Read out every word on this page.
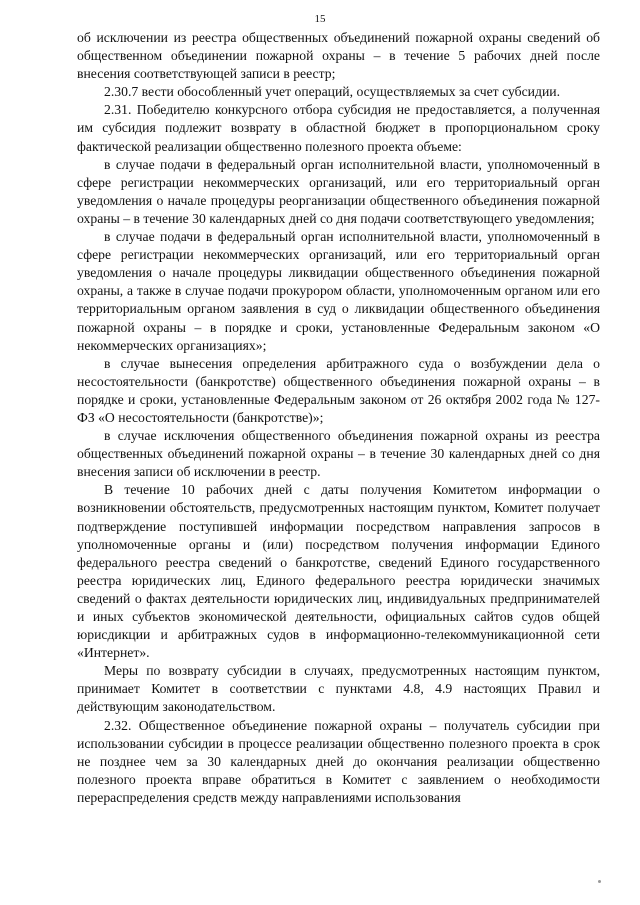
15

об исключении из реестра общественных объединений пожарной охраны сведений об общественном объединении пожарной охраны – в течение 5 рабочих дней после внесения соответствующей записи в реестр;

2.30.7 вести обособленный учет операций, осуществляемых за счет субсидии.

2.31. Победителю конкурсного отбора субсидия не предоставляется, а полученная им субсидия подлежит возврату в областной бюджет в пропорциональном сроку фактической реализации общественно полезного проекта объеме:

в случае подачи в федеральный орган исполнительной власти, уполномоченный в сфере регистрации некоммерческих организаций, или его территориальный орган уведомления о начале процедуры реорганизации общественного объединения пожарной охраны – в течение 30 календарных дней со дня подачи соответствующего уведомления;

в случае подачи в федеральный орган исполнительной власти, уполномоченный в сфере регистрации некоммерческих организаций, или его территориальный орган уведомления о начале процедуры ликвидации общественного объединения пожарной охраны, а также в случае подачи прокурором области, уполномоченным органом или его территориальным органом заявления в суд о ликвидации общественного объединения пожарной охраны – в порядке и сроки, установленные Федеральным законом «О некоммерческих организациях»;

в случае вынесения определения арбитражного суда о возбуждении дела о несостоятельности (банкротстве) общественного объединения пожарной охраны – в порядке и сроки, установленные Федеральным законом от 26 октября 2002 года № 127-ФЗ «О несостоятельности (банкротстве)»;

в случае исключения общественного объединения пожарной охраны из реестра общественных объединений пожарной охраны – в течение 30 календарных дней со дня внесения записи об исключении в реестр.

В течение 10 рабочих дней с даты получения Комитетом информации о возникновении обстоятельств, предусмотренных настоящим пунктом, Комитет получает подтверждение поступившей информации посредством направления запросов в уполномоченные органы и (или) посредством получения информации Единого федерального реестра сведений о банкротстве, сведений Единого государственного реестра юридических лиц, Единого федерального реестра юридически значимых сведений о фактах деятельности юридических лиц, индивидуальных предпринимателей и иных субъектов экономической деятельности, официальных сайтов судов общей юрисдикции и арбитражных судов в информационно-телекоммуникационной сети «Интернет».

Меры по возврату субсидии в случаях, предусмотренных настоящим пунктом, принимает Комитет в соответствии с пунктами 4.8, 4.9 настоящих Правил и действующим законодательством.

2.32. Общественное объединение пожарной охраны – получатель субсидии при использовании субсидии в процессе реализации общественно полезного проекта в срок не позднее чем за 30 календарных дней до окончания реализации общественно полезного проекта вправе обратиться в Комитет с заявлением о необходимости перераспределения средств между направлениями использования
